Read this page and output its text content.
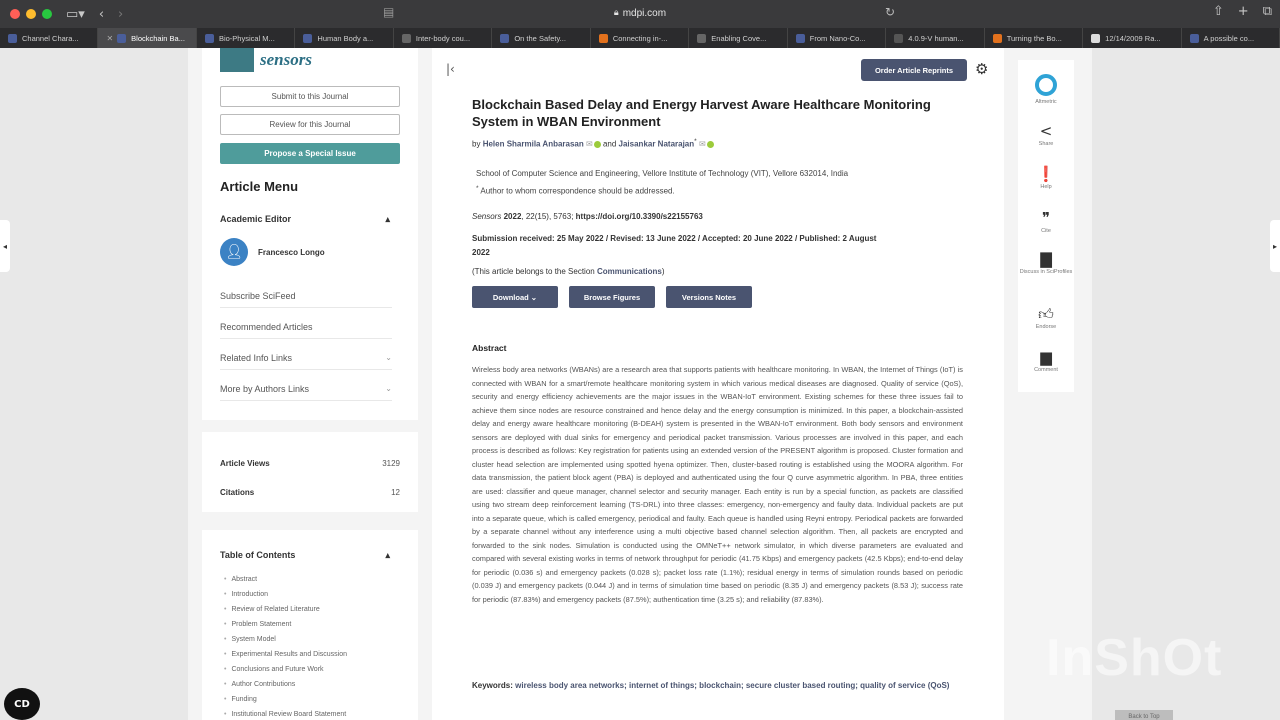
▭▾ ‹ ›	▤	🔒︎ mdpi.com	↻	⇧ + ⧉
Channel Chara...	✕ Blockchain Ba...	Bio-Physical M...	Human Body a...	Inter-body cou...	On the Safety...	Connecting in-...	Enabling Cove...	From Nano-Co...	4.0.9-V human...	Turning the Bo...	12/14/2009 Ra...	A possible co...
◂	▸
sensors
Submit to this Journal
Review for this Journal
Propose a Special Issue
Article Menu
Academic Editor	▴
👤︎	Francesco Longo
Subscribe SciFeed
Recommended Articles
Related Info Links	⌄
More by Authors Links	⌄
Article Views	3129
Citations	12
Table of Contents	▴
• Abstract
• Introduction
• Review of Related Literature
• Problem Statement
• System Model
• Experimental Results and Discussion
• Conclusions and Future Work
• Author Contributions
• Funding
• Institutional Review Board Statement
|‹	Order Article Reprints	⚙
Blockchain Based Delay and Energy Harvest Aware Healthcare Monitoring System in WBAN Environment
by Helen Sharmila Anbarasan ✉ and Jaisankar Natarajan* ✉
School of Computer Science and Engineering, Vellore Institute of Technology (VIT), Vellore 632014, India
* Author to whom correspondence should be addressed.
Sensors 2022, 22(15), 5763; https://doi.org/10.3390/s22155763
Submission received: 25 May 2022 / Revised: 13 June 2022 / Accepted: 20 June 2022 / Published: 2 August 2022
(This article belongs to the Section Communications)
Download ⌄	Browse Figures	Versions Notes
Abstract

Wireless body area networks (WBANs) are a research area that supports patients with healthcare monitoring. In WBAN, the Internet of Things (IoT) is connected with WBAN for a smart/remote healthcare monitoring system in which various medical diseases are diagnosed. Quality of service (QoS), security and energy efficiency achievements are the major issues in the WBAN-IoT environment. Existing schemes for these three issues fail to achieve them since nodes are resource constrained and hence delay and the energy consumption is minimized. In this paper, a blockchain-assisted delay and energy aware healthcare monitoring (B-DEAH) system is presented in the WBAN-IoT environment. Both body sensors and environment sensors are deployed with dual sinks for emergency and periodical packet transmission. Various processes are involved in this paper, and each process is described as follows: Key registration for patients using an extended version of the PRESENT algorithm is proposed. Cluster formation and cluster head selection are implemented using spotted hyena optimizer. Then, cluster-based routing is established using the MOORA algorithm. For data transmission, the patient block agent (PBA) is deployed and authenticated using the four Q curve asymmetric algorithm. In PBA, three entities are used: classifier and queue manager, channel selector and security manager. Each entity is run by a special function, as packets are classified using two stream deep reinforcement learning (TS-DRL) into three classes: emergency, non-emergency and faulty data. Individual packets are put into a separate queue, which is called emergency, periodical and faulty. Each queue is handled using Reyni entropy. Periodical packets are forwarded by a separate channel without any interference using a multi objective based channel selection algorithm. Then, all packets are encrypted and forwarded to the sink nodes. Simulation is conducted using the OMNeT++ network simulator, in which diverse parameters are evaluated and compared with several existing works in terms of network throughput for periodic (41.75 Kbps) and emergency packets (42.5 Kbps); end-to-end delay for periodic (0.036 s) and emergency packets (0.028 s); packet loss rate (1.1%); residual energy in terms of simulation rounds based on periodic (0.039 J) and emergency packets (0.044 J) and in terms of simulation time based on periodic (8.35 J) and emergency packets (8.53 J); success rate for periodic (87.83%) and emergency packets (87.5%); authentication time (3.25 s); and reliability (87.83%).

Keywords: wireless body area networks; internet of things; blockchain; secure cluster based routing; quality of service (QoS)
Altmetric
<
Share
❗
Help
❞
Cite
▇
Discuss in SciProfiles
👍︎
Endorse
▆
Comment
CD
InShOt
Back to Top
